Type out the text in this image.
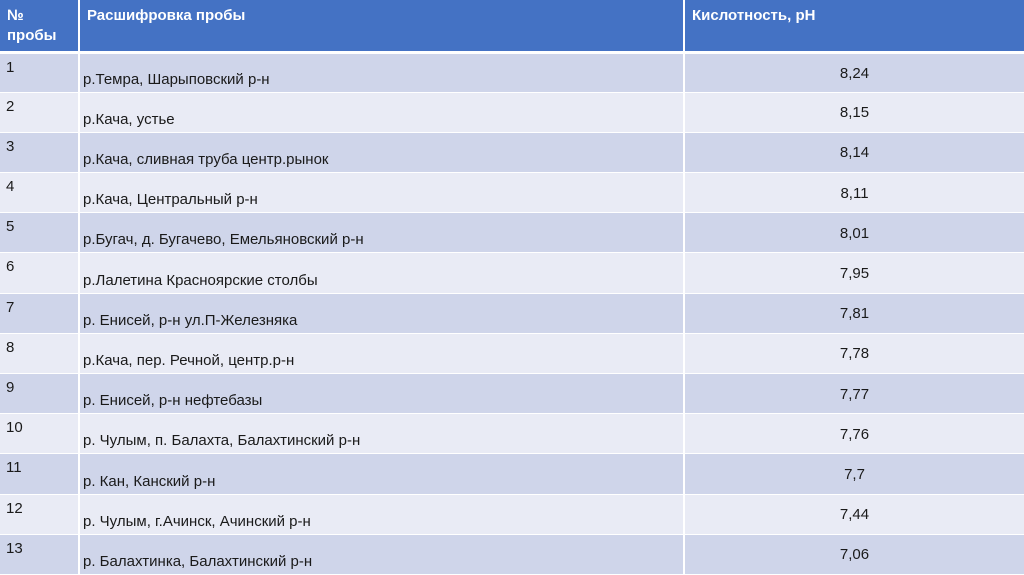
№
пробы	Расшифровка пробы	Кислотность, pH
1	р.Темра, Шарыповский р-н	8,24
2	р.Кача, устье	8,15
3	р.Кача, сливная труба центр.рынок	8,14
4	р.Кача, Центральный р-н	8,11
5	р.Бугач, д. Бугачево, Емельяновский р-н	8,01
6	р.Лалетина Красноярские столбы	7,95
7	р. Енисей, р-н ул.П-Железняка	7,81
8	р.Кача, пер. Речной, центр.р-н	7,78
9	р. Енисей, р-н нефтебазы	7,77
10	р. Чулым, п. Балахта, Балахтинский р-н	7,76
11	р. Кан, Канский р-н	7,7
12	р. Чулым, г.Ачинск, Ачинский р-н	7,44
13	р. Балахтинка, Балахтинский р-н	7,06
